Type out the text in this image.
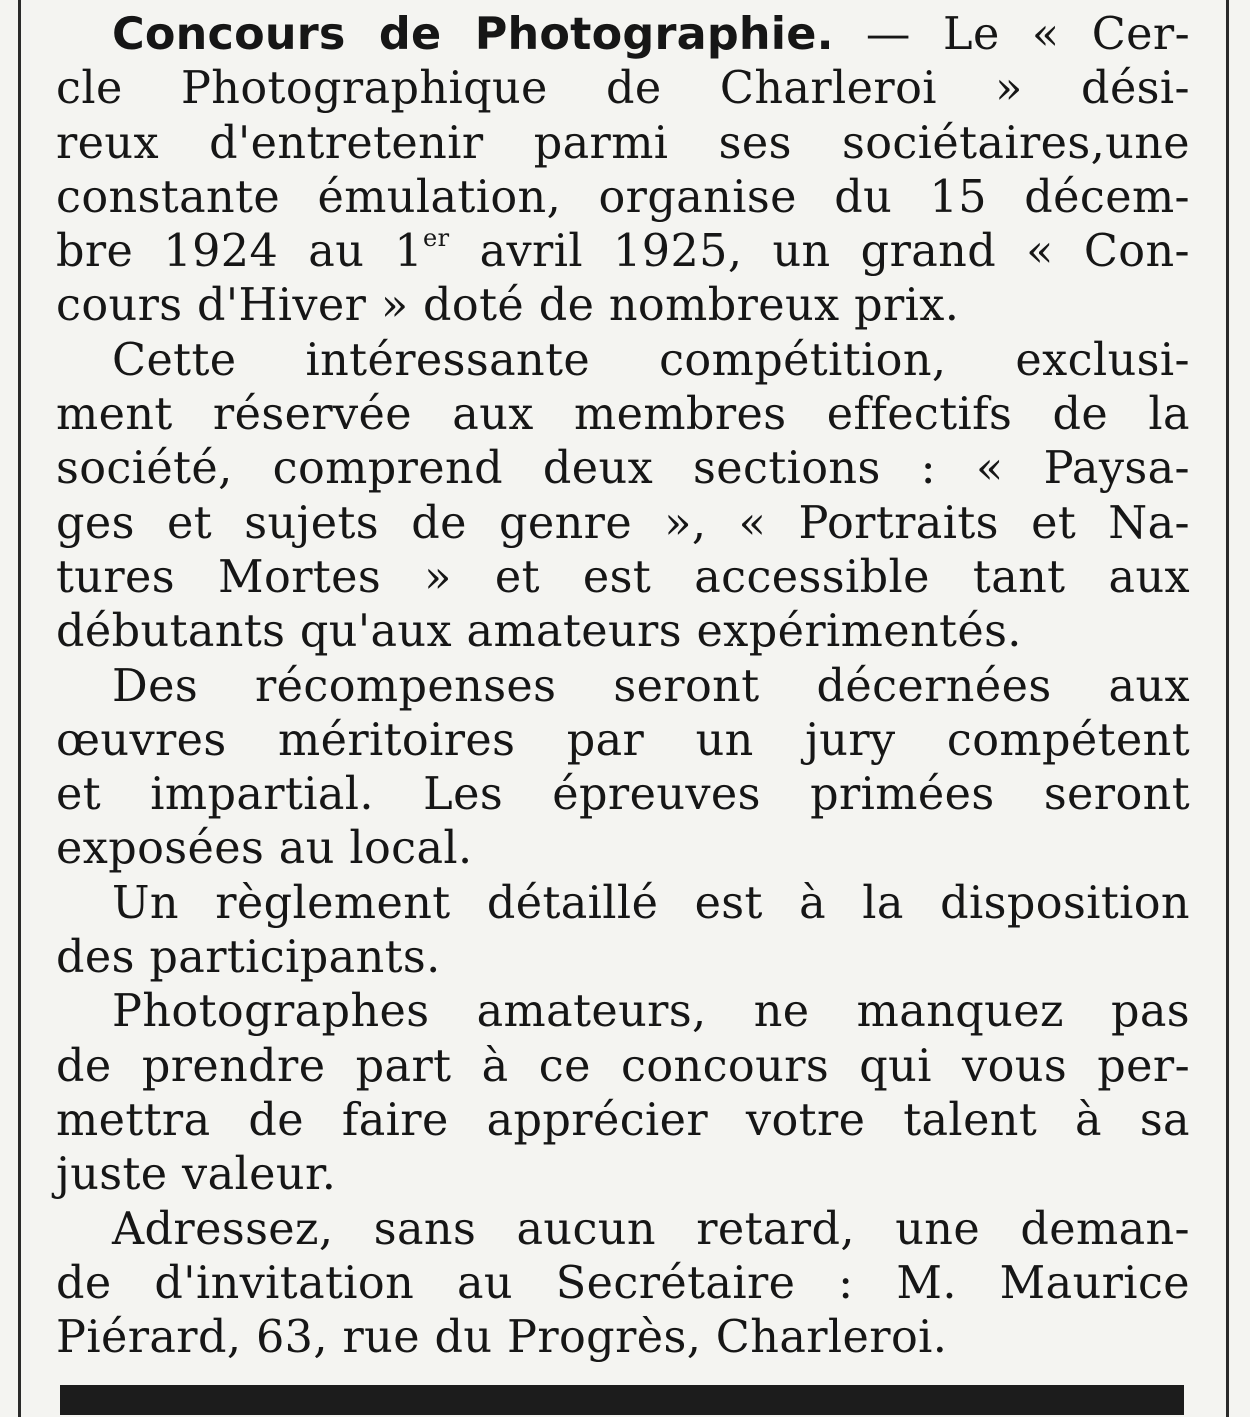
Concours de Photographie. — Le « Cer-
cle Photographique de Charleroi » dési-
reux d'entretenir parmi ses sociétaires,une
constante émulation, organise du 15 décem-
bre 1924 au 1er avril 1925, un grand « Con-
cours d'Hiver » doté de nombreux prix.
Cette intéressante compétition, exclusi-
ment réservée aux membres effectifs de la
société, comprend deux sections : « Paysa-
ges et sujets de genre », « Portraits et Na-
tures Mortes » et est accessible tant aux
débutants qu'aux amateurs expérimentés.
Des récompenses seront décernées aux
œuvres méritoires par un jury compétent
et impartial. Les épreuves primées seront
exposées au local.
Un règlement détaillé est à la disposition
des participants.
Photographes amateurs, ne manquez pas
de prendre part à ce concours qui vous per-
mettra de faire apprécier votre talent à sa
juste valeur.
Adressez, sans aucun retard, une deman-
de d'invitation au Secrétaire : M. Maurice
Piérard, 63, rue du Progrès, Charleroi.
